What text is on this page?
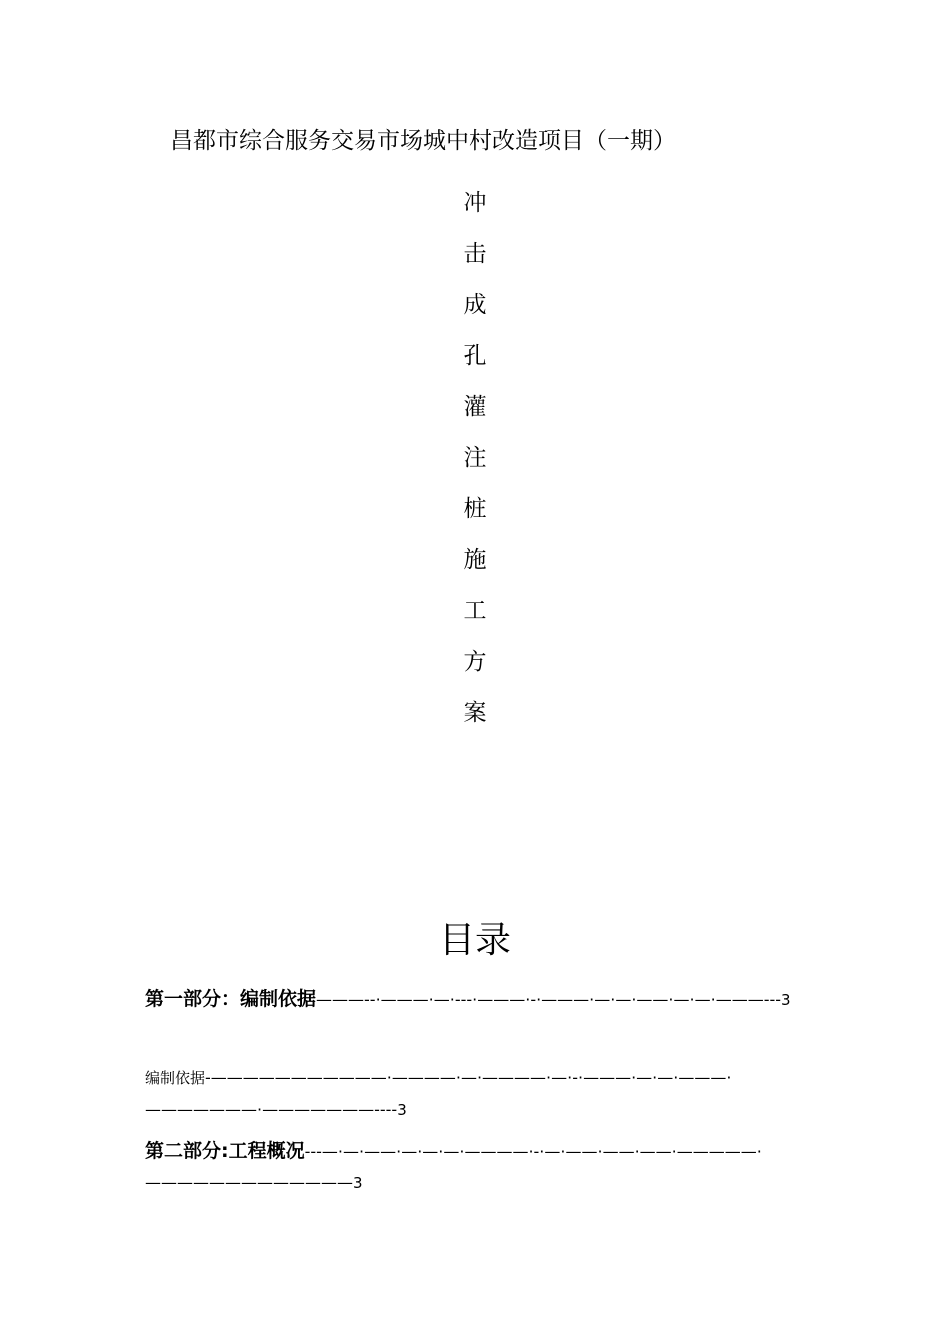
昌都市综合服务交易市场城中村改造项目（一期）
冲
击
成
孔
灌
注
桩
施
工
方
案
目录
第一部分：编制依据———--·———·—·---·———·-·———·—·—·——·—·—·———---3
编制依据-———————————·————·—·————·—·-·———·—·—·———·———————·———————----3
第二部分:工程概况---—·—·——·—·—·—·————·-·—·——·——·——·—————·—————————————3
